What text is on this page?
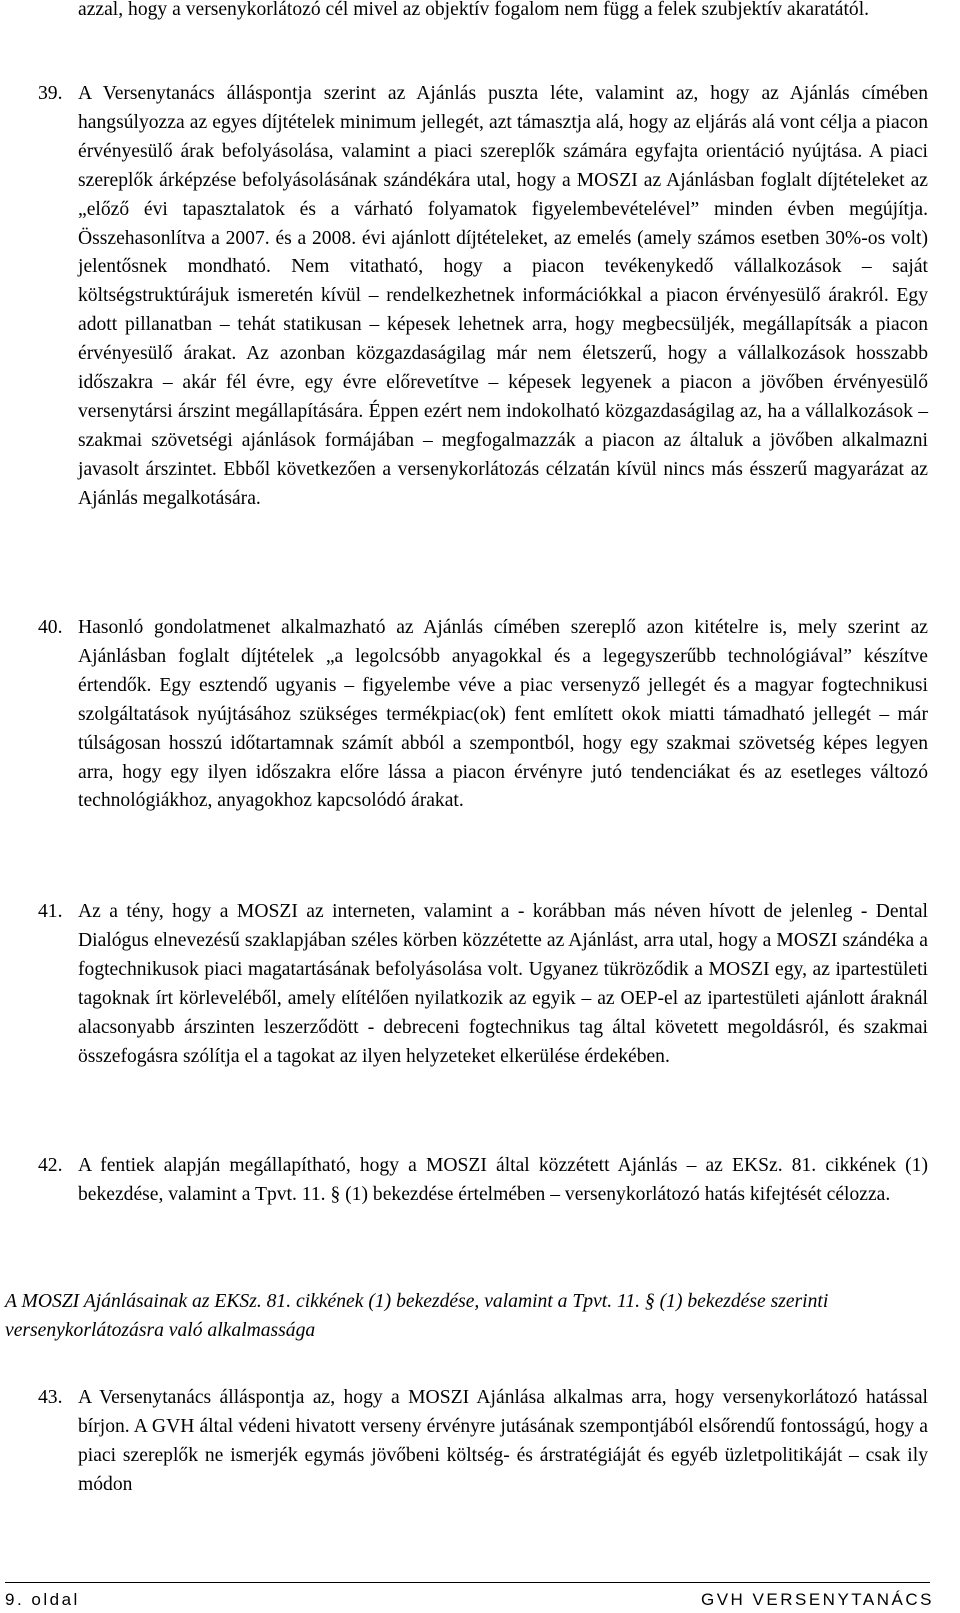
azzal, hogy a versenykorlátozó cél mivel az objektív fogalom nem függ a felek szubjektív akaratától.
39. A Versenytanács álláspontja szerint az Ajánlás puszta léte, valamint az, hogy az Ajánlás címében hangsúlyozza az egyes díjtételek minimum jellegét, azt támasztja alá, hogy az eljárás alá vont célja a piacon érvényesülő árak befolyásolása, valamint a piaci szereplők számára egyfajta orientáció nyújtása. A piaci szereplők árképzése befolyásolásának szándékára utal, hogy a MOSZI az Ajánlásban foglalt díjtételeket az „előző évi tapasztalatok és a várható folyamatok figyelembevételével” minden évben megújítja. Összehasonlítva a 2007. és a 2008. évi ajánlott díjtételeket, az emelés (amely számos esetben 30%-os volt) jelentősnek mondható. Nem vitatható, hogy a piacon tevékenykedő vállalkozások – saját költségstruktúrájuk ismeretén kívül – rendelkezhetnek információkkal a piacon érvényesülő árakról. Egy adott pillanatban – tehát statikusan – képesek lehetnek arra, hogy megbecsüljék, megállapítsák a piacon érvényesülő árakat. Az azonban közgazdaságilag már nem életszerű, hogy a vállalkozások hosszabb időszakra – akár fél évre, egy évre előrevetítve – képesek legyenek a piacon a jövőben érvényesülő versenytársi árszint megállapítására. Éppen ezért nem indokolható közgazdaságilag az, ha a vállalkozások – szakmai szövetségi ajánlások formájában – megfogalmazzák a piacon az általuk a jövőben alkalmazni javasolt árszintet. Ebből következően a versenykorlátozás célzatán kívül nincs más ésszerű magyarázat az Ajánlás megalkotására.
40. Hasonló gondolatmenet alkalmazható az Ajánlás címében szereplő azon kitételre is, mely szerint az Ajánlásban foglalt díjtételek „a legolcsóbb anyagokkal és a legegyszerűbb technológiával” készítve értendők. Egy esztendő ugyanis – figyelembe véve a piac versenyző jellegét és a magyar fogtechnikusi szolgáltatások nyújtásához szükséges termékpiac(ok) fent említett okok miatti támadható jellegét – már túlságosan hosszú időtartamnak számít abból a szempontból, hogy egy szakmai szövetség képes legyen arra, hogy egy ilyen időszakra előre lássa a piacon érvényre jutó tendenciákat és az esetleges változó technológiákhoz, anyagokhoz kapcsolódó árakat.
41. Az a tény, hogy a MOSZI az interneten, valamint a - korábban más néven hívott de jelenleg - Dental Dialógus elnevezésű szaklapjában széles körben közzétette az Ajánlást, arra utal, hogy a MOSZI szándéka a fogtechnikusok piaci magatartásának befolyásolása volt. Ugyanez tükröződik a MOSZI egy, az ipartestületi tagoknak írt körleveléből, amely elítélően nyilatkozik az egyik – az OEP-el az ipartestületi ajánlott áraknál alacsonyabb árszinten leszerződött - debreceni fogtechnikus tag által követett megoldásról, és szakmai összefogásra szólítja el a tagokat az ilyen helyzeteket elkerülése érdekében.
42. A fentiek alapján megállapítható, hogy a MOSZI által közzétett Ajánlás – az EKSz. 81. cikkének (1) bekezdése, valamint a Tpvt. 11. § (1) bekezdése értelmében – versenykorlátozó hatás kifejtését célozza.
A MOSZI Ajánlásainak az EKSz. 81. cikkének (1) bekezdése, valamint a Tpvt. 11. § (1) bekezdése szerinti versenykorlátozásra való alkalmassága
43. A Versenytanács álláspontja az, hogy a MOSZI Ajánlása alkalmas arra, hogy versenykorlátozó hatással bírjon. A GVH által védeni hivatott verseny érvényre jutásának szempontjából elsőrendű fontosságú, hogy a piaci szereplők ne ismerjék egymás jövőbeni költség- és árstratégiáját és egyéb üzletpolitikáját – csak ily módon
9. oldal	GVH VERSENYTANÁCS
